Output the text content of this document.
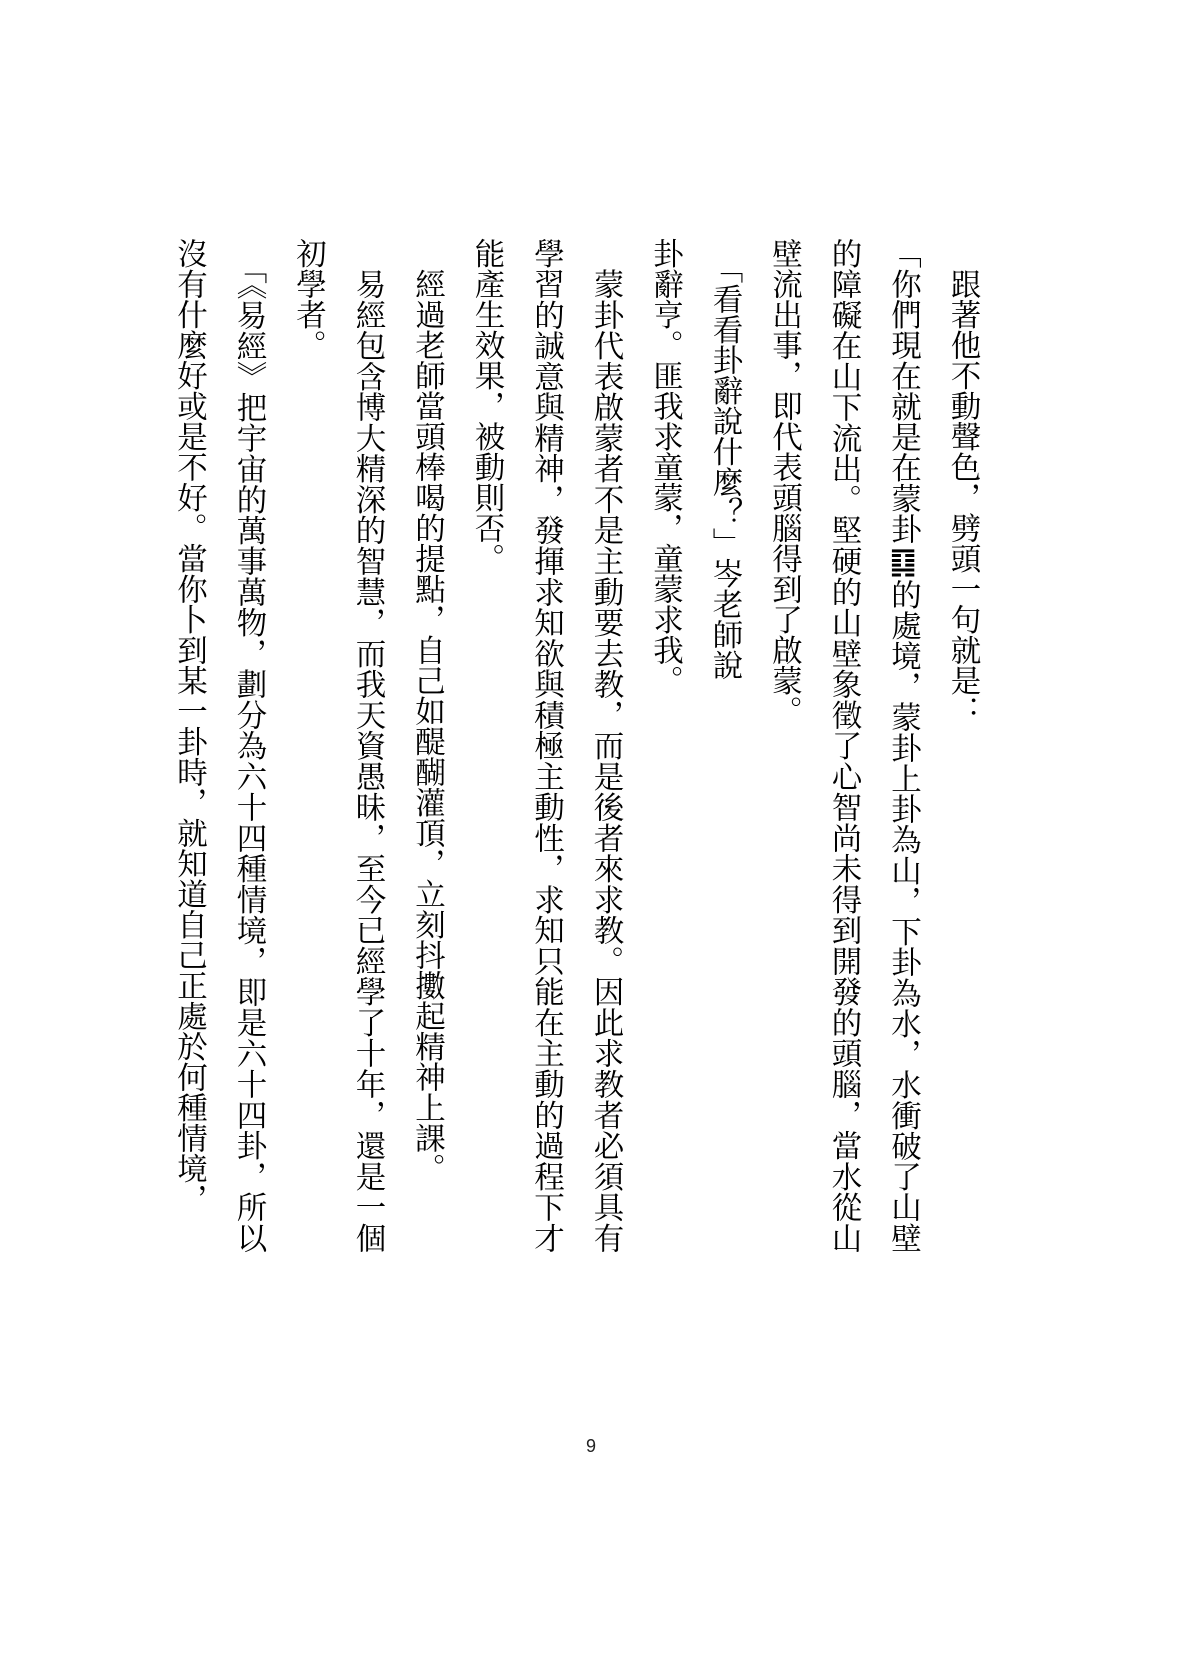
　跟著他不動聲色，劈頭一句就是：

「你們現在就是在蒙卦䷃的處境，蒙卦上卦為山，下卦為水，水衝破了山壁的障礙在山下流出。堅硬的山壁象徵了心智尚未得到開發的頭腦，當水從山壁流出事，即代表頭腦得到了啟蒙。

　「看看卦辭說什麼？」岑老師說

卦辭亨。匪我求童蒙，童蒙求我。

　蒙卦代表啟蒙者不是主動要去教，而是後者來求教。因此求教者必須具有學習的誠意與精神，發揮求知欲與積極主動性，求知只能在主動的過程下才能產生效果，被動則否。

　經過老師當頭棒喝的提點，自己如醍醐灌頂，立刻抖擻起精神上課。

　易經包含博大精深的智慧，而我天資愚昧，至今已經學了十年，還是一個初學者。

　「《易經》把宇宙的萬事萬物，劃分為六十四種情境，即是六十四卦，所以沒有什麼好或是不好。當你卜到某一卦時，就知道自己正處於何種情境，

9
